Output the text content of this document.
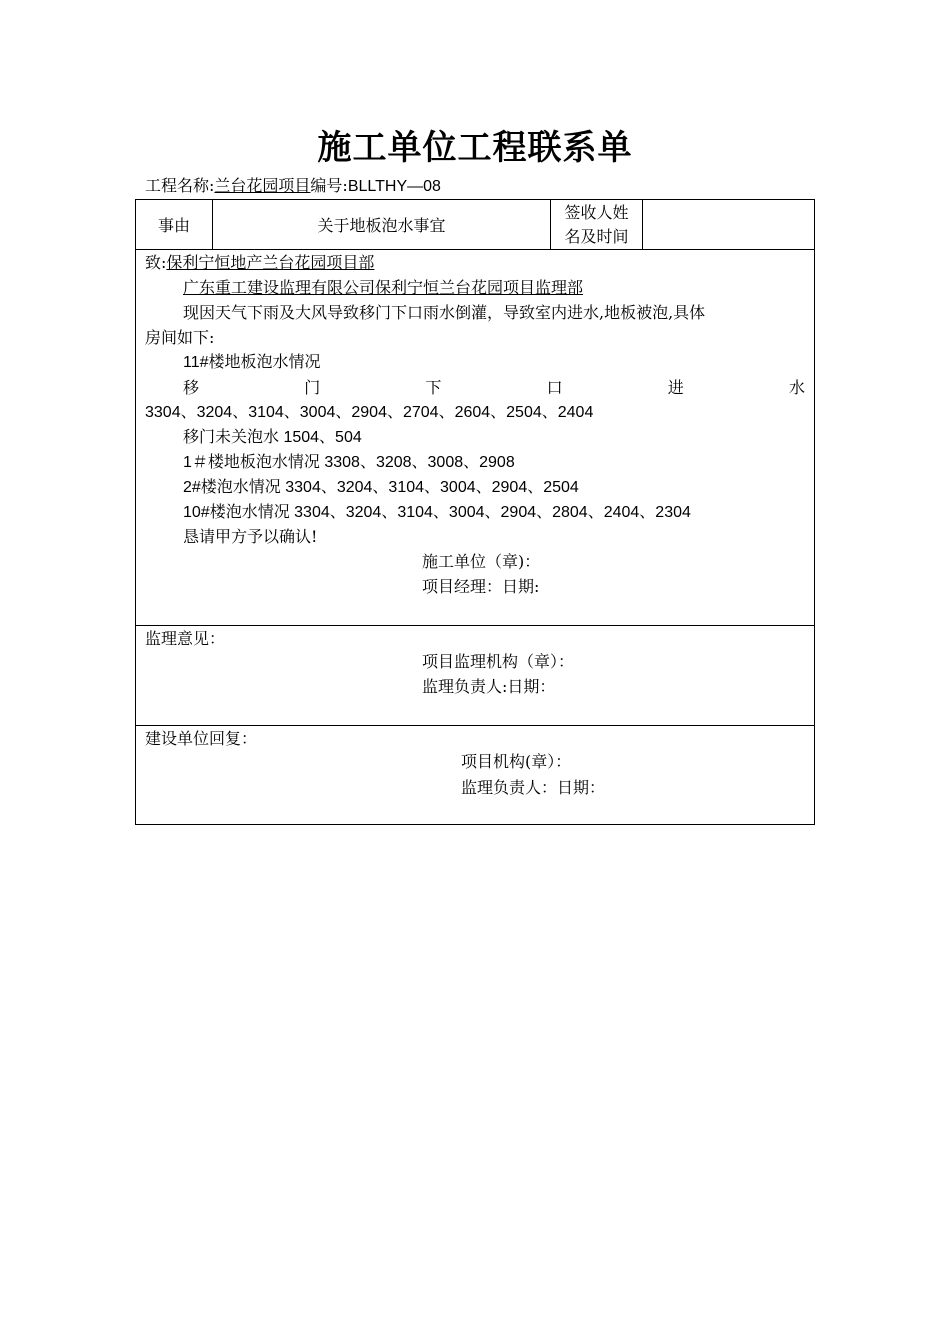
施工单位工程联系单
工程名称:兰台花园项目编号:BLLTHY—08
事由	关于地板泡水事宜
签收人姓
名及时间
致:保利宁恒地产兰台花园项目部
广东重工建设监理有限公司保利宁恒兰台花园项目监理部
现因天气下雨及大风导致移门下口雨水倒灌，导致室内进水,地板被泡,具体
房间如下:
11#楼地板泡水情况
移	门	下	口	进	水
3304、3204、3104、3004、2904、2704、2604、2504、2404
移门未关泡水 1504、504
1＃楼地板泡水情况 3308、3208、3008、2908
2#楼泡水情况 3304、3204、3104、3004、2904、2504
10#楼泡水情况 3304、3204、3104、3004、2904、2804、2404、2304
恳请甲方予以确认!
施工单位（章)：
项目经理：日期:
监理意见：
项目监理机构（章）：
监理负责人:日期：
建设单位回复：
项目机构(章）：
监理负责人：日期：
